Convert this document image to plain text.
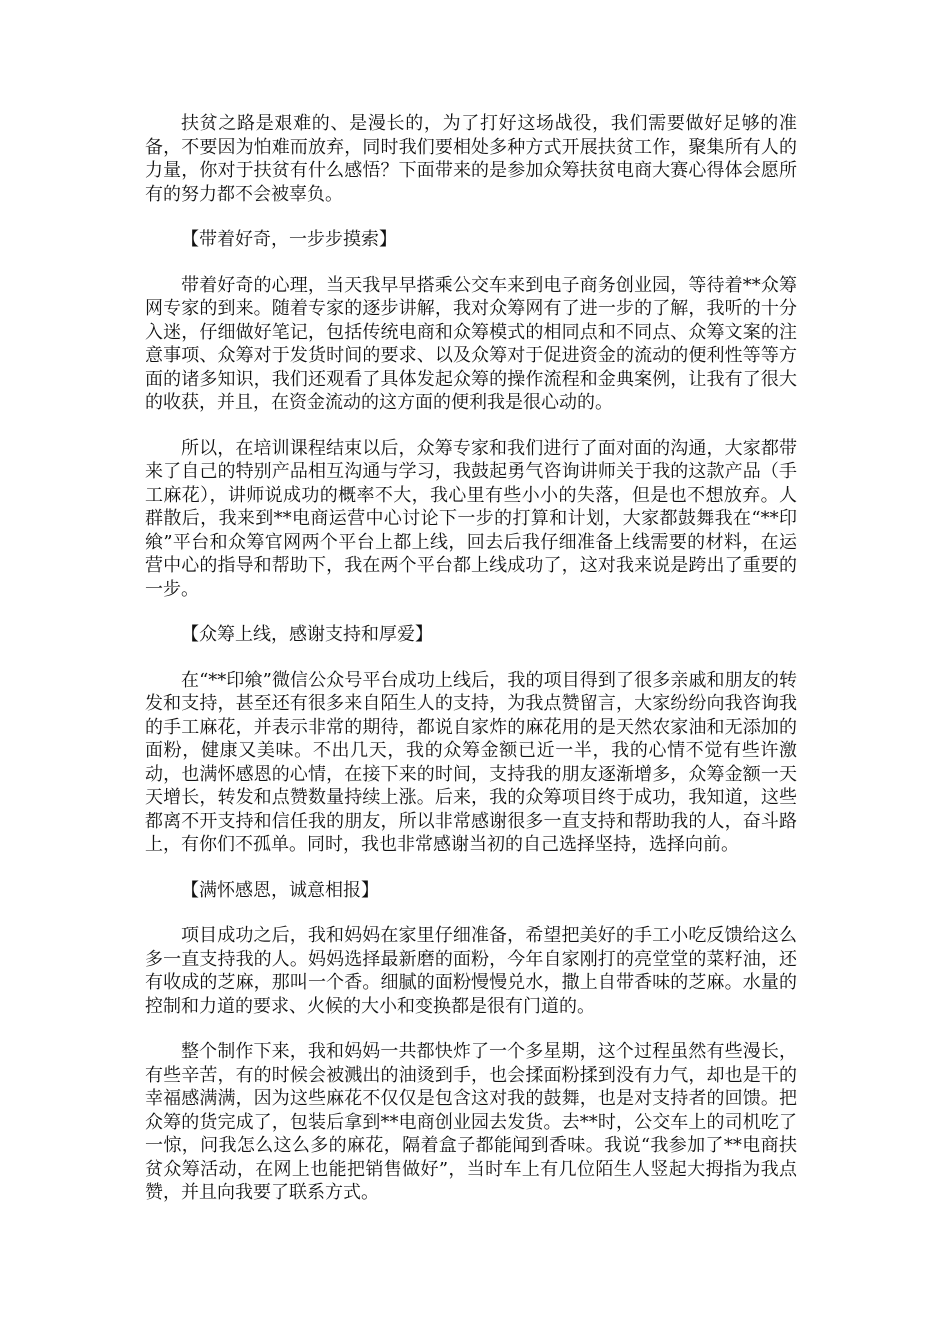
扶贫之路是艰难的、是漫长的，为了打好这场战役，我们需要做好足够的准备，不要因为怕难而放弃，同时我们要相处多种方式开展扶贫工作，聚集所有人的力量，你对于扶贫有什么感悟？下面带来的是参加众筹扶贫电商大赛心得体会愿所有的努力都不会被辜负。

【带着好奇，一步步摸索】

带着好奇的心理，当天我早早搭乘公交车来到电子商务创业园，等待着**众筹网专家的到来。随着专家的逐步讲解，我对众筹网有了进一步的了解，我听的十分入迷，仔细做好笔记，包括传统电商和众筹模式的相同点和不同点、众筹文案的注意事项、众筹对于发货时间的要求、以及众筹对于促进资金的流动的便利性等等方面的诸多知识，我们还观看了具体发起众筹的操作流程和金典案例，让我有了很大的收获，并且，在资金流动的这方面的便利我是很心动的。

所以，在培训课程结束以后，众筹专家和我们进行了面对面的沟通，大家都带来了自己的特别产品相互沟通与学习，我鼓起勇气咨询讲师关于我的这款产品（手工麻花），讲师说成功的概率不大，我心里有些小小的失落，但是也不想放弃。人群散后，我来到**电商运营中心讨论下一步的打算和计划，大家都鼓舞我在“**印飨”平台和众筹官网两个平台上都上线，回去后我仔细准备上线需要的材料，在运营中心的指导和帮助下，我在两个平台都上线成功了，这对我来说是跨出了重要的一步。

【众筹上线，感谢支持和厚爱】

在“**印飨”微信公众号平台成功上线后，我的项目得到了很多亲戚和朋友的转发和支持，甚至还有很多来自陌生人的支持，为我点赞留言，大家纷纷向我咨询我的手工麻花，并表示非常的期待，都说自家炸的麻花用的是天然农家油和无添加的面粉，健康又美味。不出几天，我的众筹金额已近一半，我的心情不觉有些许激动，也满怀感恩的心情，在接下来的时间，支持我的朋友逐渐增多，众筹金额一天天增长，转发和点赞数量持续上涨。后来，我的众筹项目终于成功，我知道，这些都离不开支持和信任我的朋友，所以非常感谢很多一直支持和帮助我的人，奋斗路上，有你们不孤单。同时，我也非常感谢当初的自己选择坚持，选择向前。

【满怀感恩，诚意相报】

项目成功之后，我和妈妈在家里仔细准备，希望把美好的手工小吃反馈给这么多一直支持我的人。妈妈选择最新磨的面粉，今年自家刚打的亮堂堂的菜籽油，还有收成的芝麻，那叫一个香。细腻的面粉慢慢兑水，撒上自带香味的芝麻。水量的控制和力道的要求、火候的大小和变换都是很有门道的。

整个制作下来，我和妈妈一共都快炸了一个多星期，这个过程虽然有些漫长，有些辛苦，有的时候会被溅出的油烫到手，也会揉面粉揉到没有力气，却也是干的幸福感满满，因为这些麻花不仅仅是包含这对我的鼓舞，也是对支持者的回馈。把众筹的货完成了，包装后拿到**电商创业园去发货。去**时，公交车上的司机吃了一惊，问我怎么这么多的麻花，隔着盒子都能闻到香味。我说“我参加了**电商扶贫众筹活动，在网上也能把销售做好”，当时车上有几位陌生人竖起大拇指为我点赞，并且向我要了联系方式。
